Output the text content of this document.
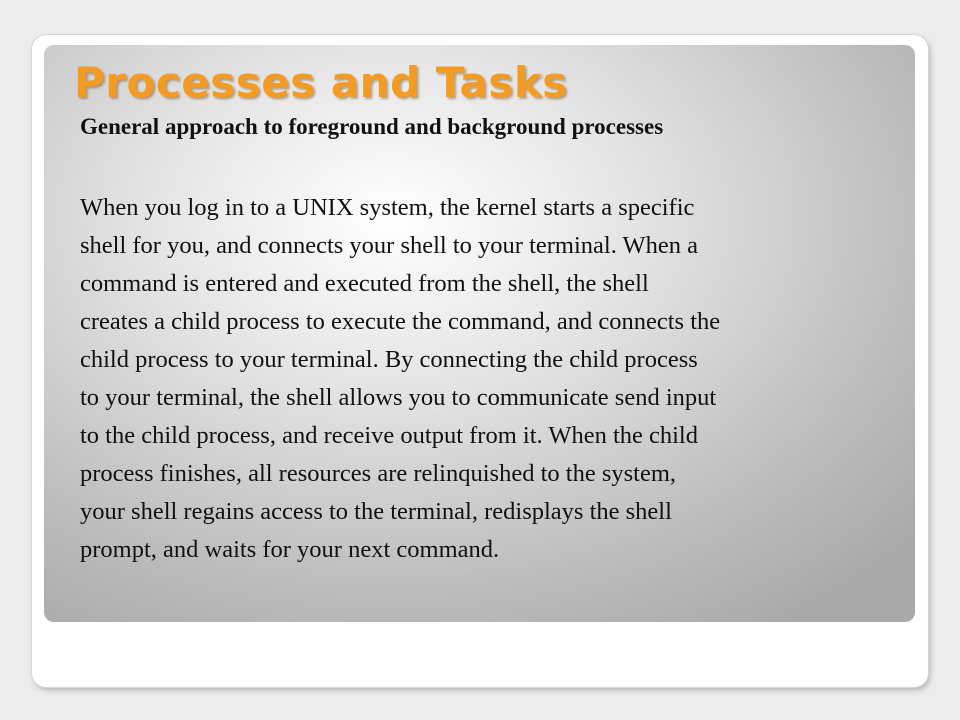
Processes and Tasks
General approach to foreground and background processes
When you log in to a UNIX system, the kernel starts a specific
shell for you, and connects your shell to your terminal. When a
command is entered and executed from the shell, the shell
creates a child process to execute the command, and connects the
child process to your terminal. By connecting the child process
to your terminal, the shell allows you to communicate send input
to the child process, and receive output from it. When the child
process finishes, all resources are relinquished to the system,
your shell regains access to the terminal, redisplays the shell
prompt, and waits for your next command.
